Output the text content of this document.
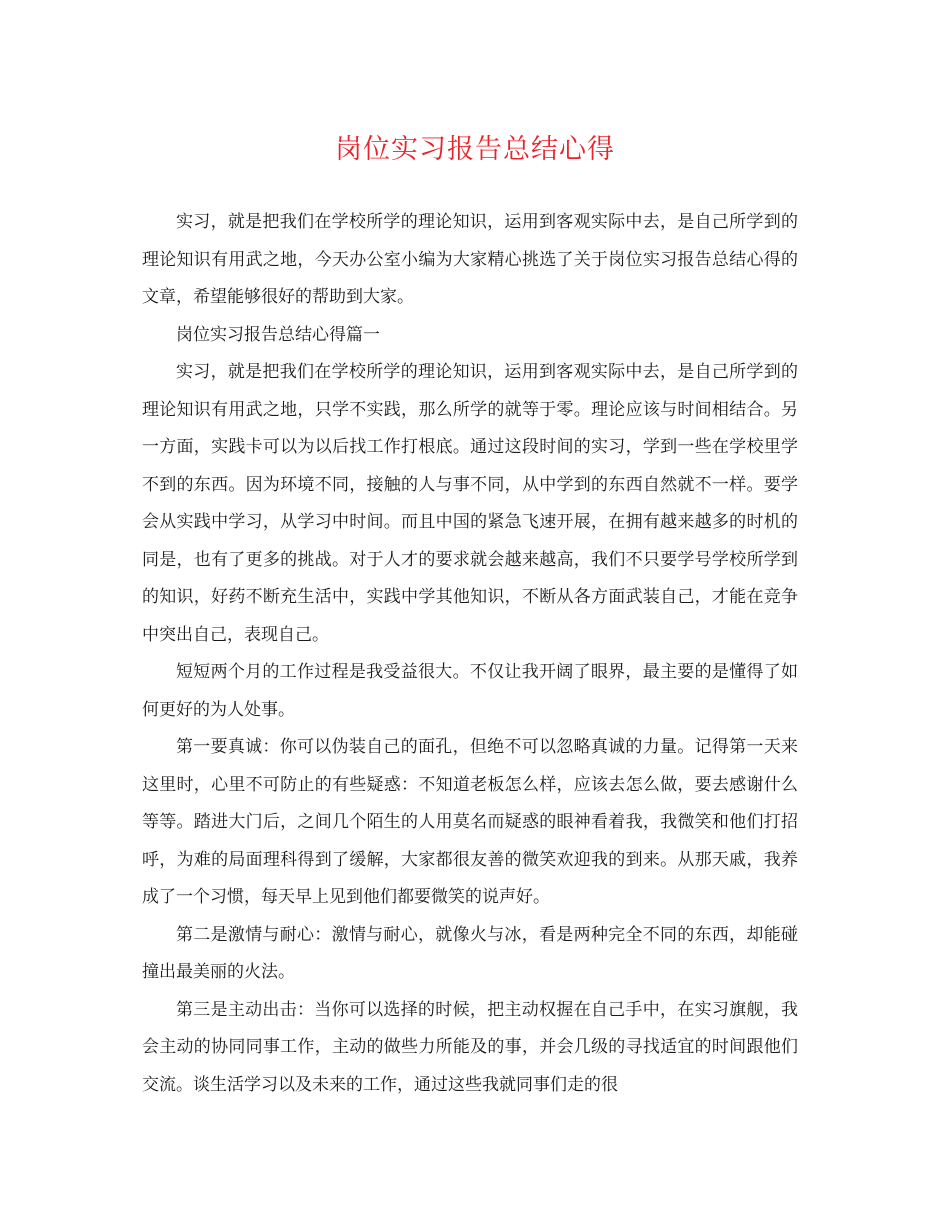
岗位实习报告总结心得

实习，就是把我们在学校所学的理论知识，运用到客观实际中去，是自己所学到的理论知识有用武之地，今天办公室小编为大家精心挑选了关于岗位实习报告总结心得的文章，希望能够很好的帮助到大家。

岗位实习报告总结心得篇一

实习，就是把我们在学校所学的理论知识，运用到客观实际中去，是自己所学到的理论知识有用武之地，只学不实践，那么所学的就等于零。理论应该与时间相结合。另一方面，实践卡可以为以后找工作打根底。通过这段时间的实习，学到一些在学校里学不到的东西。因为环境不同，接触的人与事不同，从中学到的东西自然就不一样。要学会从实践中学习，从学习中时间。而且中国的紧急飞速开展，在拥有越来越多的时机的同是，也有了更多的挑战。对于人才的要求就会越来越高，我们不只要学号学校所学到的知识，好药不断充生活中，实践中学其他知识，不断从各方面武装自己，才能在竞争中突出自己，表现自己。

短短两个月的工作过程是我受益很大。不仅让我开阔了眼界，最主要的是懂得了如何更好的为人处事。

第一要真诚：你可以伪装自己的面孔，但绝不可以忽略真诚的力量。记得第一天来这里时，心里不可防止的有些疑惑：不知道老板怎么样，应该去怎么做，要去感谢什么等等。踏进大门后，之间几个陌生的人用莫名而疑惑的眼神看着我，我微笑和他们打招呼，为难的局面理科得到了缓解，大家都很友善的微笑欢迎我的到来。从那天戚，我养成了一个习惯，每天早上见到他们都要微笑的说声好。

第二是激情与耐心：激情与耐心，就像火与冰，看是两种完全不同的东西，却能碰撞出最美丽的火法。

第三是主动出击：当你可以选择的时候，把主动权握在自己手中，在实习旗舰，我会主动的协同同事工作，主动的做些力所能及的事，并会几级的寻找适宜的时间跟他们交流。谈生活学习以及未来的工作，通过这些我就同事们走的很
